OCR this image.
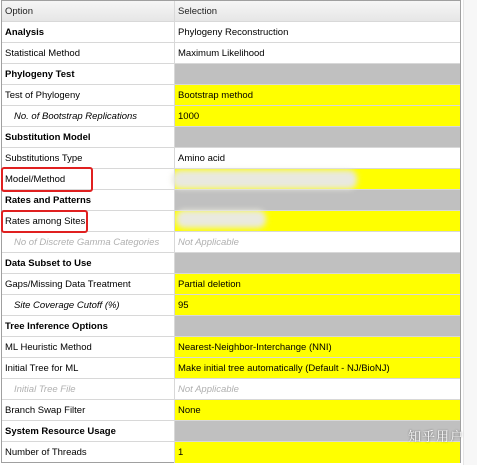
Option	Selection
Analysis	Phylogeny Reconstruction
Statistical Method	Maximum Likelihood
Phylogeny Test
Test of Phylogeny	Bootstrap method
No. of Bootstrap Replications	1000
Substitution Model
Substitutions Type	Amino acid
Model/Method
Rates and Patterns
Rates among Sites
No of Discrete Gamma Categories	Not Applicable
Data Subset to Use
Gaps/Missing Data Treatment	Partial deletion
Site Coverage Cutoff (%)	95
Tree Inference Options
ML Heuristic Method	Nearest-Neighbor-Interchange (NNI)
Initial Tree for ML	Make initial tree automatically (Default - NJ/BioNJ)
Initial Tree File	Not Applicable
Branch Swap Filter	None
System Resource Usage
Number of Threads	1
知乎用户
